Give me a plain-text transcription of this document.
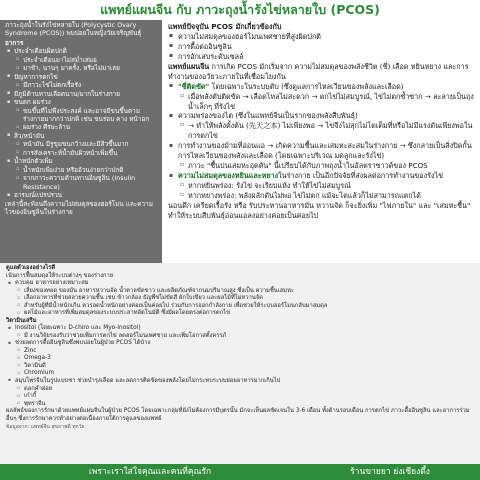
แพทย์แผนจีน กับ ภาวะถุงน้ำรังไข่หลายใบ (PCOS)

ภาวะถุงน้ำในรังไข่หลายใบ (Polycystic Ovary Syndrome (PCOS)) พบบ่อยในหญิงวัยเจริญพันธุ์

อาการ

▪ ประจำเดือนผิดปกติ
▫ ประจำเดือนมาไม่สม่ำเสมอ
▫ มาช้า, นานๆ มาครั้ง, หรือไม่มาเลย
▪ ปัญหาการตกไข่
▫ มีภาวะไข่ไม่ตกเรื้อรัง
▪ มีภูมิต้านทานเลือดนาน/มากในร่างกาย
▪ ขนดก ผมร่วง
▫ ขนขึ้นที่ไม่พึงประสงค์ และอาจมีขนขึ้นตามร่างกายมากกว่าปกติ เช่น ขนรอบ คาง หน้าอก
▫ ผมร่วง ศีรษะล้าน
▪ สิว/หน้ามัน
▫ หน้ามัน มีรูขุมขนกว้างและมีสิวขึ้นมาก
▫ การสังเคราะห์น้ำมันผิวหน้าเพิ่มขึ้น
▪ น้ำหนักตัวเพิ่ม
▫ น้ำหนักเพิ่มง่าย หรืออ้วนง่ายกว่าปกติ
▫ จากภาวะความต้านทานอินซูลิน (Insulin Resistance)
▪ อารมณ์แปรปรวน

เหล่านี้สะท้อนถึงความไม่สมดุลของฮอร์โมน และความไวของอินซูลินในร่างกาย

แพทย์ปัจจุบัน PCOS มักเกี่ยวข้องกับ

▪ ความไม่สมดุลของฮอร์โมนเพศชายที่สูงผิดปกติ
▪ การดื้อต่ออินซูลิน
▪ การอักเสบระดับเซลล์

แพทย์แผนจีน การเกิด PCOS มักเริ่มจาก ความไม่สมดุลของพลังชีวิต (ชี่) เลือด หยินหยาง และการทำงานของอวัยวะภายในที่เชื่อมโยงกัน

▪ "ชี่ติดขัด" โดยเฉพาะในระบบตับ (ซึ่งดูแลการไหลเวียนของพลังและเลือด)
▫ เมื่อพลังตับติดขัด → เลือดไหลไม่สะดวก → ตกไข่ไม่สมบูรณ์, ไข่ไม่ตกซ้ำซาก → ละลายเป็นถุงน้ำเล็กๆ ที่รังไข่
▪ ความพร่องของไต (ซึ่งในแพทย์จีนเป็นรากของพลังสืบพันธุ์)
▫ → ทำให้พลังตั้งต้น (先天之本) ไม่เพียงพอ → ไข่จึงไม่สุกไม่โตเต็มที่หรือไม่มีแรงดันเพียงพอในการตกไข่
▪ การทำงานของม้ามที่อ่อนแอ → เกิดความชื้นและเสมหะสะสมในร่างกาย → ซึ่งกลายเป็นสิ่งปิดกั้นการไหลเวียนของพลังและเลือด (โดยเฉพาะบริเวณ มดลูกและรังไข่)
▫ ภาวะ "ชื้นปนเสมหะอุดตัน" นี้เปรียบได้กับภาพถุงน้ำในอัลตราซาวด์ของ PCOS
▪ ความไม่สมดุลของหยินและหยางในร่างกาย เป็นอีกปัจจัยที่ส่งผลต่อการทำงานของรังไข่
▫ หากหยินพร่อง: รังไข่ จะเรียบแห้ง ทำให้ไข่ไม่สมบูรณ์
▫ หากหยางพร่อง: พลังผลักดันไม่พอ ไข่ไม่ตก แม้จะโตแล้วก็ไม่สามารถแตกได้

นอนดึก เครียดเรื้อรัง หรือ รับประทานอาหารมัน หวานจัด ก็จะยิ่งเพิ่ม "ไฟภายใน" และ "เสมหะชื้น" ทำให้ระบบสืบพันธุ์อ่อนแอลงอย่างค่อยเป็นค่อยไป

ดูแลตัวเองอย่างไรดี

เน้นการฟื้นสมดุลให้ระบบต่างๆ ของร่างกาย

▪ ควบคุม อาหารอย่างเหมาะสม
▫ เลี่ยงของทอด ของมัน อาหารหวานจัด น้ำตาลขัดขาว และผลิตภัณฑ์จากนมปริมาณสูง ซึ่งเป็น ความชื้นเสมหะ
▫ เลือกอาหารที่ช่วยสลายความชื้น เช่น ข้าวกล้อง ธัญพืชไม่ขัดสี ผักใบเขียว และผลไม้ที่ไม่หวานจัด
▫ สำหรับผู้ที่มีน้ำหนักเกิน ควรลดน้ำหนักอย่างค่อยเป็นค่อยไป ร่วมกับการออกกำลังกาย เพื่อช่วยให้ระบบฮอร์โมนกลับมาสมดุล
▫ ผลไม้และอาหารที่เพิ่มสมดุลของระบบประสาทอัตโนมัติ ซึ่งมีผลโดยตรงต่อการตกไข่

วิตามินเสริม

▪ Inositol (โดยเฉพาะ D-chiro และ Myo-inositol)
▫ มี งานวิจัยรองรับว่าช่วยเพิ่มการตกไข่ ลดฮอร์โมนเพศชาย และเพิ่มโอกาสตั้งครรภ์
▪ ช่วยลดการดื้ออินซูลินซึ่งพบบ่อยในผู้ป่วย PCOS ได้บ้าง
▫ Zinc
▫ Omega-3
▫ วิตามินดี
▫ Chromium
▪ สมุนไพรจีนในรูปแบบชา ช่วยบำรุงเลือด และลดการติดขัดของพลังโดยไม่กระทบระบบย่อยอาหารมากเกินไป
▫ ดอกคำฝอย
▫ เก๋ากี้
▫ พุทราจีน

ผลลัพธ์ของการรักษาด้วยแพทย์แผนจีนในผู้ป่วย PCOS โดยเฉพาะกลุ่มที่ยังไม่ต้องการมีบุตรนั้น มักจะเห็นผลชัดเจนใน 3-6 เดือน ทั้งด้านรอบเดือน การตกไข่ ภาวะดื้ออินซูลิน และอาการร่วมอื่นๆ ซึ่งการรักษาควรทำอย่างต่อเนื่องภายใต้การดูแลของแพทย์

ข้อมูลจาก: แพทย์จีน สุขภาพดี ทุกวัย

เพราะเราใส่ใจคุณและคนที่คุณรัก	ร้านขายยา ย่งเชียงตึ้ง
